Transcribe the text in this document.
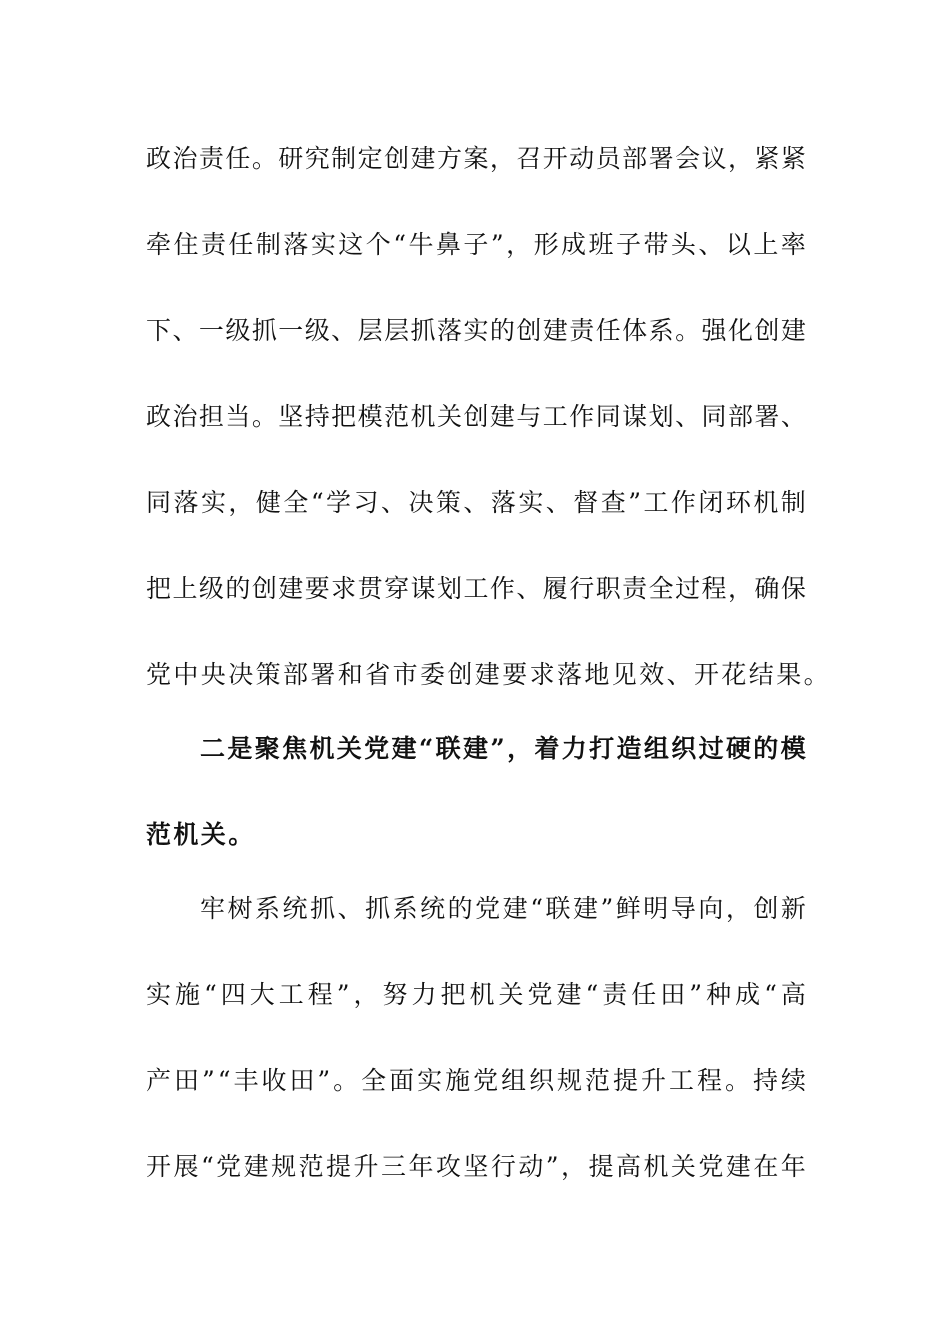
政 治 责 任 。 研 究 制 定 创 建 方 案 ， 召 开 动 员 部 署 会 议 ， 紧 紧
牵 住 责 任 制 落 实 这 个 “ 牛 鼻 子 ” ， 形 成 班 子 带 头 、 以 上 率
下 、 一 级 抓 一 级 、 层 层 抓 落 实 的 创 建 责 任 体 系 。 强 化 创 建
政 治 担 当 。 坚 持 把 模 范 机 关 创 建 与 工 作 同 谋 划 、 同 部 署 、
同 落 实 ， 健 全 “ 学 习 、 决 策 、 落 实 、 督 查 ” 工 作 闭 环 机 制
把 上 级 的 创 建 要 求 贯 穿 谋 划 工 作 、 履 行 职 责 全 过 程 ， 确 保
党中央决策部署和省市委创建要求落地见效、开花结果。
二 是 聚 焦 机 关 党 建 “ 联 建 ” ， 着 力 打 造 组 织 过 硬 的 模
范机关。
牢 树 系 统 抓 、 抓 系 统 的 党 建 “ 联 建 ” 鲜 明 导 向 ， 创 新
实 施 “ 四 大 工 程 ” ， 努 力 把 机 关 党 建 “ 责 任 田 ” 种 成 “ 高
产 田 ” “ 丰 收 田 ” 。 全 面 实 施 党 组 织 规 范 提 升 工 程 。 持 续
开 展 “ 党 建 规 范 提 升 三 年 攻 坚 行 动 ” ， 提 高 机 关 党 建 在 年
